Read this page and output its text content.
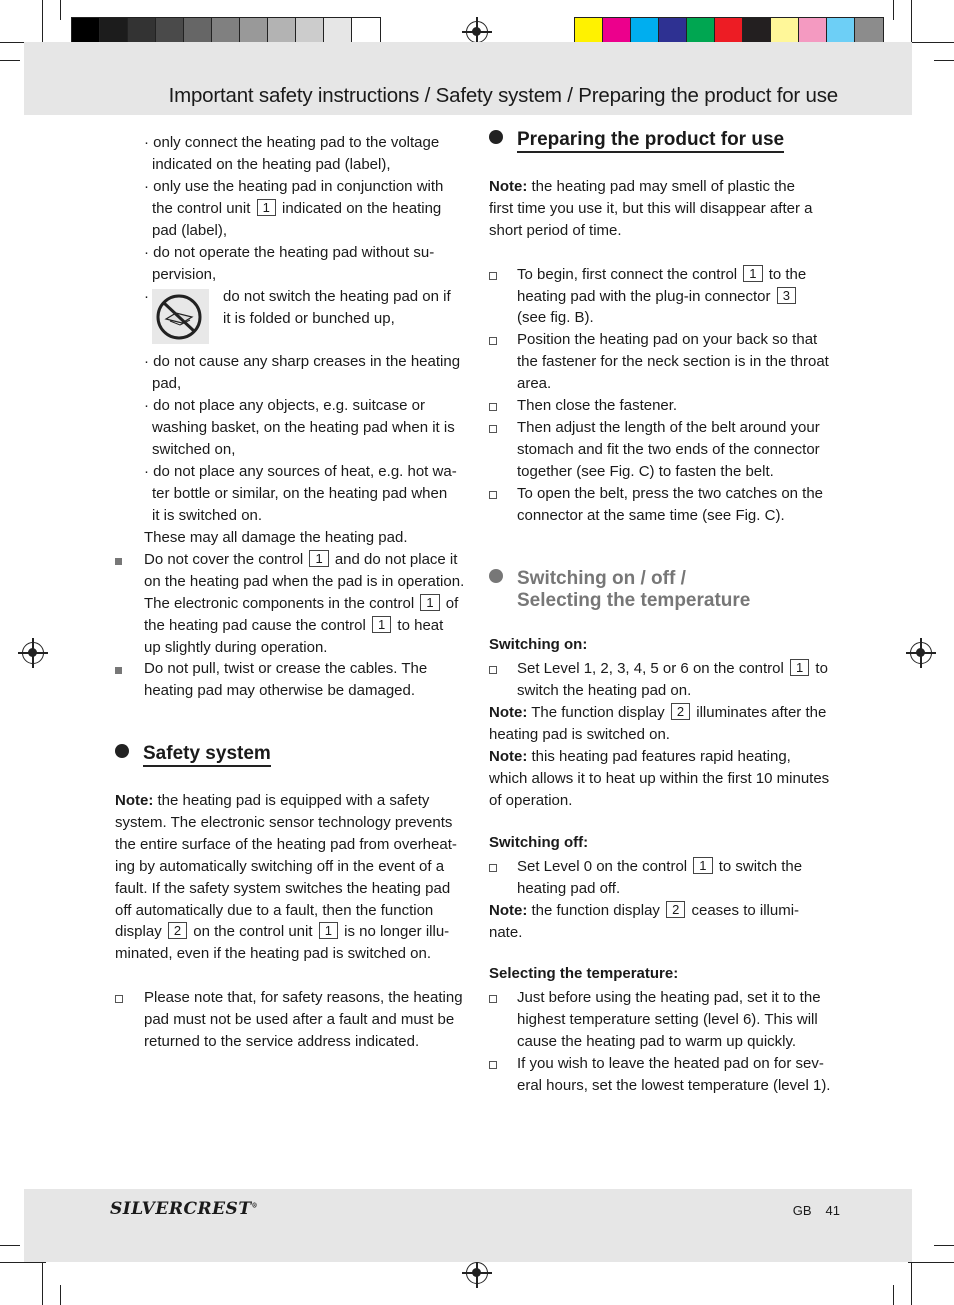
Important safety instructions / Safety system / Preparing the product for use
· only connect the heating pad to the voltage
indicated on the heating pad (label),
· only use the heating pad in conjunction with
the control unit 1 indicated on the heating
pad (label),
· do not operate the heating pad without su-
pervision,
·	do not switch the heating pad on if
it is folded or bunched up,
· do not cause any sharp creases in the heating
pad,
· do not place any objects, e.g. suitcase or
washing basket, on the heating pad when it is
switched on,
· do not place any sources of heat, e.g. hot wa-
ter bottle or similar, on the heating pad when
it is switched on.
These may all damage the heating pad.
Do not cover the control 1 and do not place it
on the heating pad when the pad is in operation.
The electronic components in the control 1 of
the heating pad cause the control 1 to heat
up slightly during operation.
Do not pull, twist or crease the cables. The
heating pad may otherwise be damaged.
Safety system
Note: the heating pad is equipped with a safety
system. The electronic sensor technology prevents
the entire surface of the heating pad from overheat-
ing by automatically switching off in the event of a
fault. If the safety system switches the heating pad
off automatically due to a fault, then the function
display 2 on the control unit 1 is no longer illu-
minated, even if the heating pad is switched on.
Please note that, for safety reasons, the heating
pad must not be used after a fault and must be
returned to the service address indicated.
Preparing the product for use
Note: the heating pad may smell of plastic the
first time you use it, but this will disappear after a
short period of time.
To begin, first connect the control 1 to the
heating pad with the plug-in connector 3
(see fig. B).
Position the heating pad on your back so that
the fastener for the neck section is in the throat
area.
Then close the fastener.
Then adjust the length of the belt around your
stomach and fit the two ends of the connector
together (see Fig. C) to fasten the belt.
To open the belt, press the two catches on the
connector at the same time (see Fig. C).
Switching on / off /
Selecting the temperature
Switching on:
Set Level 1, 2, 3, 4, 5 or 6 on the control 1 to
switch the heating pad on.
Note: The function display 2 illuminates after the
heating pad is switched on.
Note: this heating pad features rapid heating,
which allows it to heat up within the first 10 minutes
of operation.
Switching off:
Set Level 0 on the control 1 to switch the
heating pad off.
Note: the function display 2 ceases to illumi-
nate.
Selecting the temperature:
Just before using the heating pad, set it to the
highest temperature setting (level 6). This will
cause the heating pad to warm up quickly.
If you wish to leave the heated pad on for sev-
eral hours, set the lowest temperature (level 1).
SILVERCREST®	GB 41
